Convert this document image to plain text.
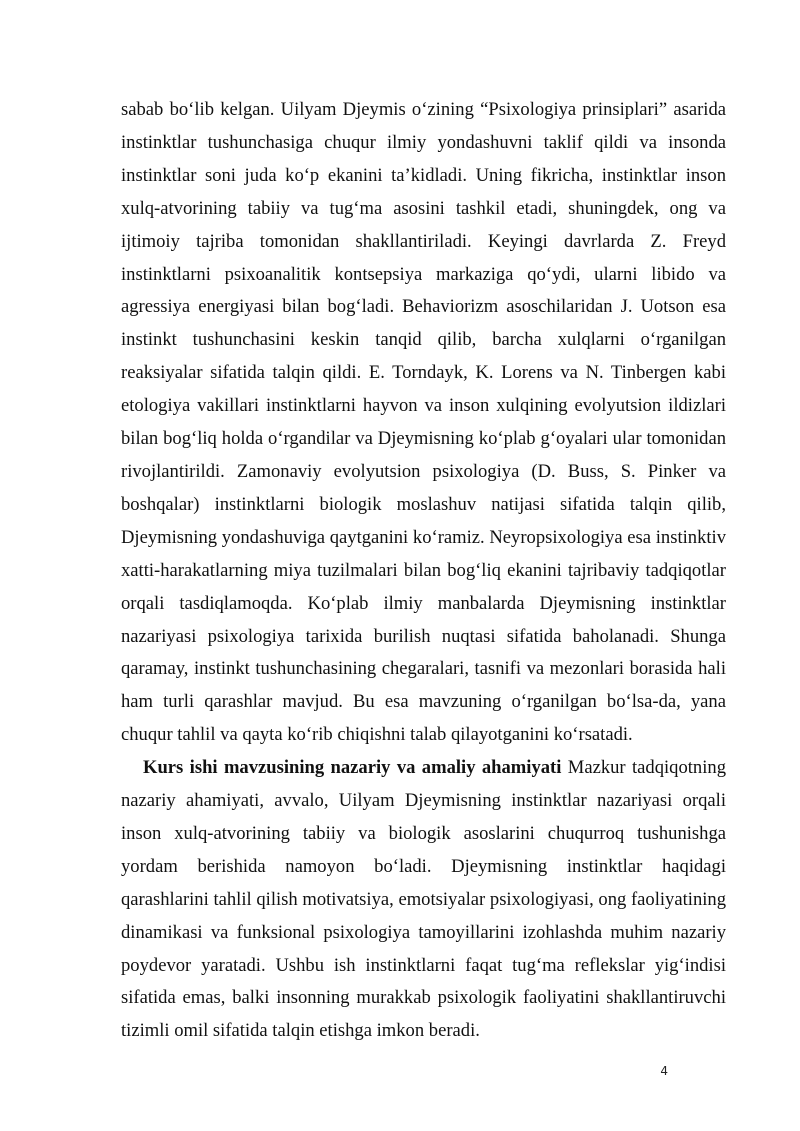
sabab bo‘lib kelgan. Uilyam Djeymis o‘zining “Psixologiya prinsiplari” asarida instinktlar tushunchasiga chuqur ilmiy yondashuvni taklif qildi va insonda instinktlar soni juda ko‘p ekanini ta’kidladi. Uning fikricha, instinktlar inson xulq-atvorining tabiiy va tug‘ma asosini tashkil etadi, shuningdek, ong va ijtimoiy tajriba tomonidan shakllantiriladi. Keyingi davrlarda Z. Freyd instinktlarni psixoanalitik kontsepsiya markaziga qo‘ydi, ularni libido va agressiya energiyasi bilan bog‘ladi. Behaviorizm asoschilaridan J. Uotson esa instinkt tushunchasini keskin tanqid qilib, barcha xulqlarni o‘rganilgan reaksiyalar sifatida talqin qildi. E. Torndayk, K. Lorens va N. Tinbergen kabi etologiya vakillari instinktlarni hayvon va inson xulqining evolyutsion ildizlari bilan bog‘liq holda o‘rgandilar va Djeymisning ko‘plab g‘oyalari ular tomonidan rivojlantirildi. Zamonaviy evolyutsion psixologiya (D. Buss, S. Pinker va boshqalar) instinktlarni biologik moslashuv natijasi sifatida talqin qilib, Djeymisning yondashuviga qaytganini ko‘ramiz. Neyropsixologiya esa instinktiv xatti-harakatlarning miya tuzilmalari bilan bog‘liq ekanini tajribaviy tadqiqotlar orqali tasdiqlamoqda. Ko‘plab ilmiy manbalarda Djeymisning instinktlar nazariyasi psixologiya tarixida burilish nuqtasi sifatida baholanadi. Shunga qaramay, instinkt tushunchasining chegaralari, tasnifi va mezonlari borasida hali ham turli qarashlar mavjud. Bu esa mavzuning o‘rganilgan bo‘lsa-da, yana chuqur tahlil va qayta ko‘rib chiqishni talab qilayotganini ko‘rsatadi.

Kurs ishi mavzusining nazariy va amaliy ahamiyati Mazkur tadqiqotning nazariy ahamiyati, avvalo, Uilyam Djeymisning instinktlar nazariyasi orqali inson xulq-atvorining tabiiy va biologik asoslarini chuqurroq tushunishga yordam berishida namoyon bo‘ladi. Djeymisning instinktlar haqidagi qarashlarini tahlil qilish motivatsiya, emotsiyalar psixologiyasi, ong faoliyatining dinamikasi va funksional psixologiya tamoyillarini izohlashda muhim nazariy poydevor yaratadi. Ushbu ish instinktlarni faqat tug‘ma reflekslar yig‘indisi sifatida emas, balki insonning murakkab psixologik faoliyatini shakllantiruvchi tizimli omil sifatida talqin etishga imkon beradi.

4
